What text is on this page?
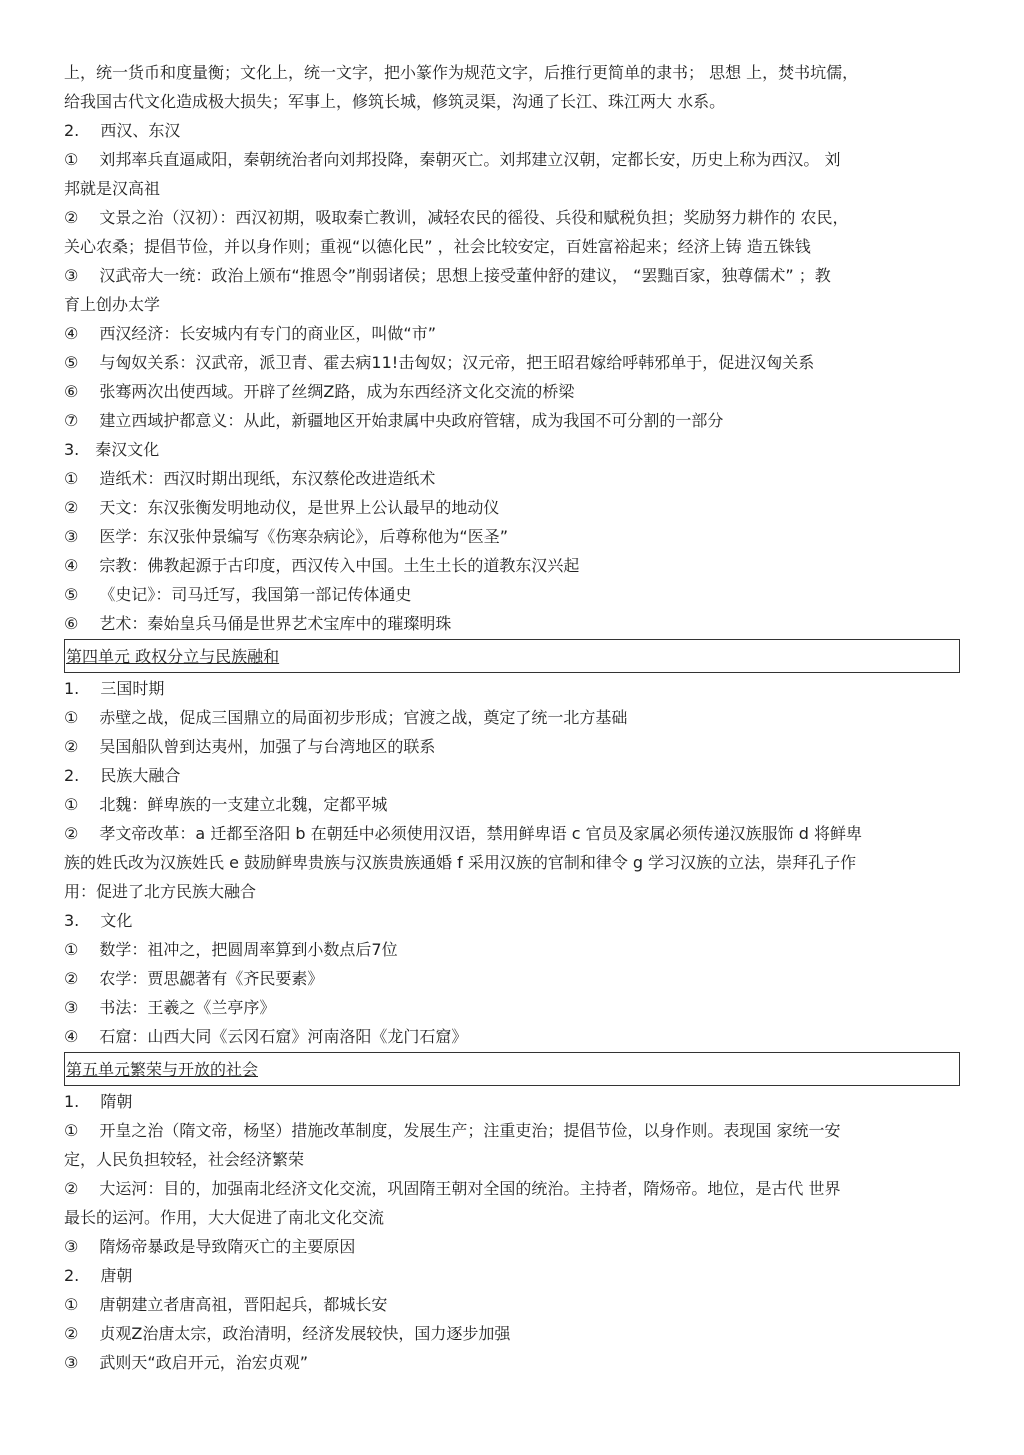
上，统一货币和度量衡；文化上，统一文字，把小篆作为规范文字，后推行更简单的隶书； 思想 上，焚书坑儒，
给我国古代文化造成极大损失；军事上，修筑长城，修筑灵渠，沟通了长江、珠江两大 水系。
2.　 西汉、东汉
①　 刘邦率兵直逼咸阳，秦朝统治者向刘邦投降，秦朝灭亡。刘邦建立汉朝，定都长安，历史上称为西汉。 刘
邦就是汉高祖
②　 文景之治（汉初）：西汉初期，吸取秦亡教训，减轻农民的徭役、兵役和赋税负担；奖励努力耕作的 农民，
关心农桑；提倡节俭，并以身作则；重视“以德化民” ，社会比较安定，百姓富裕起来；经济上铸 造五铢钱
③　 汉武帝大一统：政治上颁布“推恩令”削弱诸侯；思想上接受董仲舒的建议， “罢黜百家，独尊儒术” ；教
育上创办太学
④　 西汉经济：长安城内有专门的商业区，叫做“市”
⑤　 与匈奴关系：汉武帝，派卫青、霍去病11!击匈奴；汉元帝，把王昭君嫁给呼韩邪单于，促进汉匈关系
⑥　 张骞两次出使西域。开辟了丝绸Z路，成为东西经济文化交流的桥梁
⑦　 建立西域护都意义：从此，新疆地区开始隶属中央政府管辖，成为我国不可分割的一部分
3.　秦汉文化
①　 造纸术：西汉时期出现纸，东汉蔡伦改进造纸术
②　 天文：东汉张衡发明地动仪，是世界上公认最早的地动仪
③　 医学：东汉张仲景编写《伤寒杂病论》，后尊称他为“医圣”
④　 宗教：佛教起源于古印度，西汉传入中国。土生土长的道教东汉兴起
⑤　 《史记》：司马迁写，我国第一部记传体通史
⑥　 艺术：秦始皇兵马俑是世界艺术宝库中的璀璨明珠
第四单元 政权分立与民族融和
1.　 三国时期
①　 赤壁之战，促成三国鼎立的局面初步形成；官渡之战，奠定了统一北方基础
②　 吴国船队曾到达夷州，加强了与台湾地区的联系
2.　 民族大融合
①　 北魏：鲜卑族的一支建立北魏，定都平城
②　 孝文帝改革：a 迁都至洛阳 b 在朝廷中必须使用汉语，禁用鲜卑语 c 官员及家属必须传递汉族服饰 d 将鲜卑
族的姓氏改为汉族姓氏 e 鼓励鲜卑贵族与汉族贵族通婚 f 采用汉族的官制和律令 g 学习汉族的立法，崇拜孔子作
用：促进了北方民族大融合
3.　 文化
①　 数学：祖冲之，把圆周率算到小数点后7位
②　 农学：贾思勰著有《齐民要素》
③　 书法：王羲之《兰亭序》
④　 石窟：山西大同《云冈石窟》河南洛阳《龙门石窟》
第五单元繁荣与开放的社会
1.　 隋朝
①　 开皇之治（隋文帝，杨坚）措施改革制度，发展生产；注重吏治；提倡节俭，以身作则。表现国 家统一安
定，人民负担较轻，社会经济繁荣
②　 大运河：目的，加强南北经济文化交流，巩固隋王朝对全国的统治。主持者，隋炀帝。地位，是古代 世界
最长的运河。作用，大大促进了南北文化交流
③　 隋炀帝暴政是导致隋灭亡的主要原因
2.　 唐朝
①　 唐朝建立者唐高祖，晋阳起兵，都城长安
②　 贞观Z治唐太宗，政治清明，经济发展较快，国力逐步加强
③　 武则天“政启开元，治宏贞观”
